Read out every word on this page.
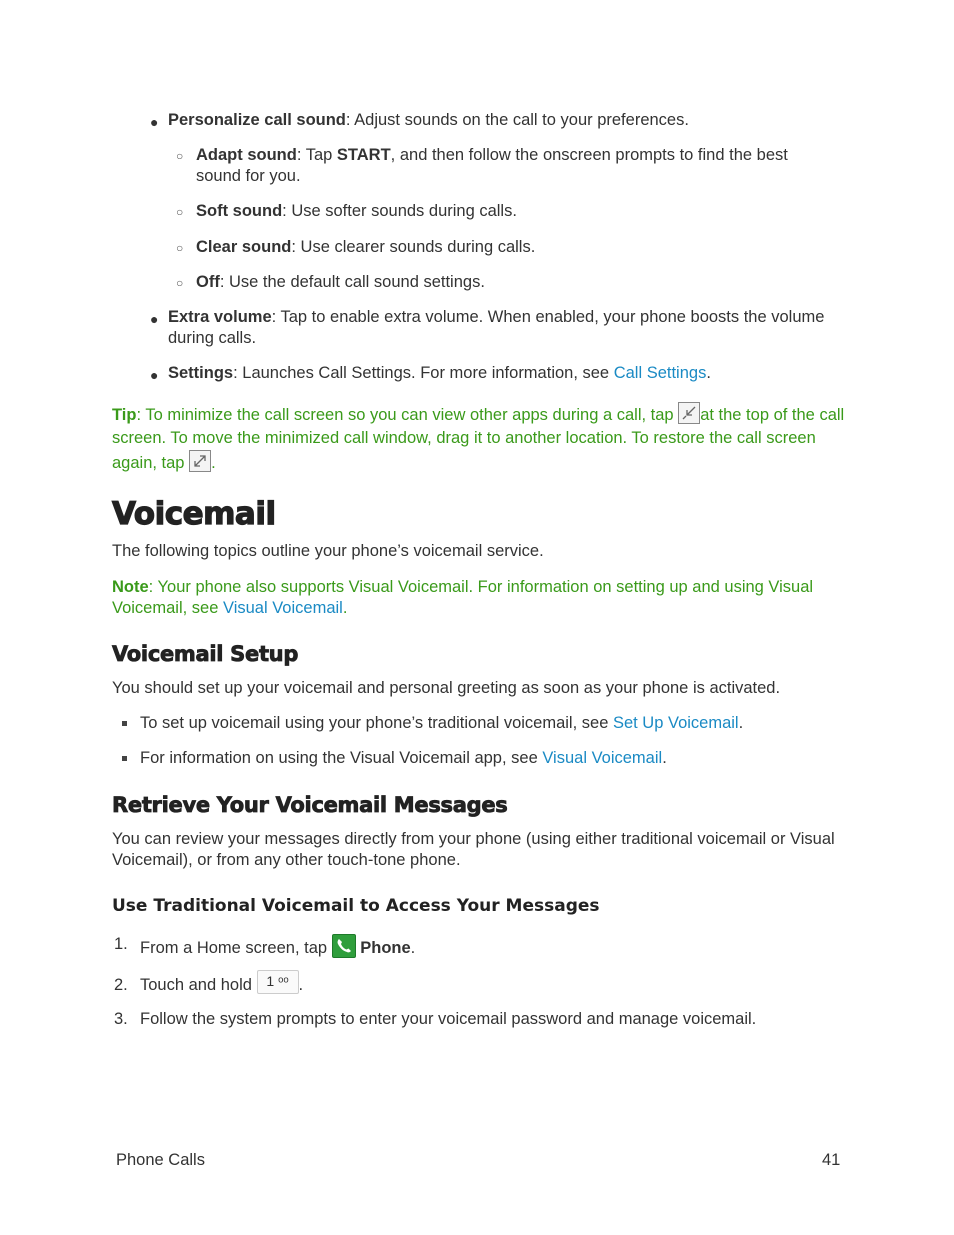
● Personalize call sound: Adjust sounds on the call to your preferences.
○ Adapt sound: Tap START, and then follow the onscreen prompts to find the best
sound for you.
○ Soft sound: Use softer sounds during calls.
○ Clear sound: Use clearer sounds during calls.
○ Off: Use the default call sound settings.
● Extra volume: Tap to enable extra volume. When enabled, your phone boosts the volume
during calls.
● Settings: Launches Call Settings. For more information, see Call Settings.
Tip: To minimize the call screen so you can view other apps during a call, tap at the top of the call
screen. To move the minimized call window, drag it to another location. To restore the call screen
again, tap .
Voicemail
The following topics outline your phone’s voicemail service.
Note: Your phone also supports Visual Voicemail. For information on setting up and using Visual
Voicemail, see Visual Voicemail.
Voicemail Setup
You should set up your voicemail and personal greeting as soon as your phone is activated.
To set up voicemail using your phone’s traditional voicemail, see Set Up Voicemail.
For information on using the Visual Voicemail app, see Visual Voicemail.
Retrieve Your Voicemail Messages
You can review your messages directly from your phone (using either traditional voicemail or Visual
Voicemail), or from any other touch-tone phone.
Use Traditional Voicemail to Access Your Messages
1. From a Home screen, tap  Phone.
2. Touch and hold 1 ᵒᵒ .
3. Follow the system prompts to enter your voicemail password and manage voicemail.
Phone Calls	41
